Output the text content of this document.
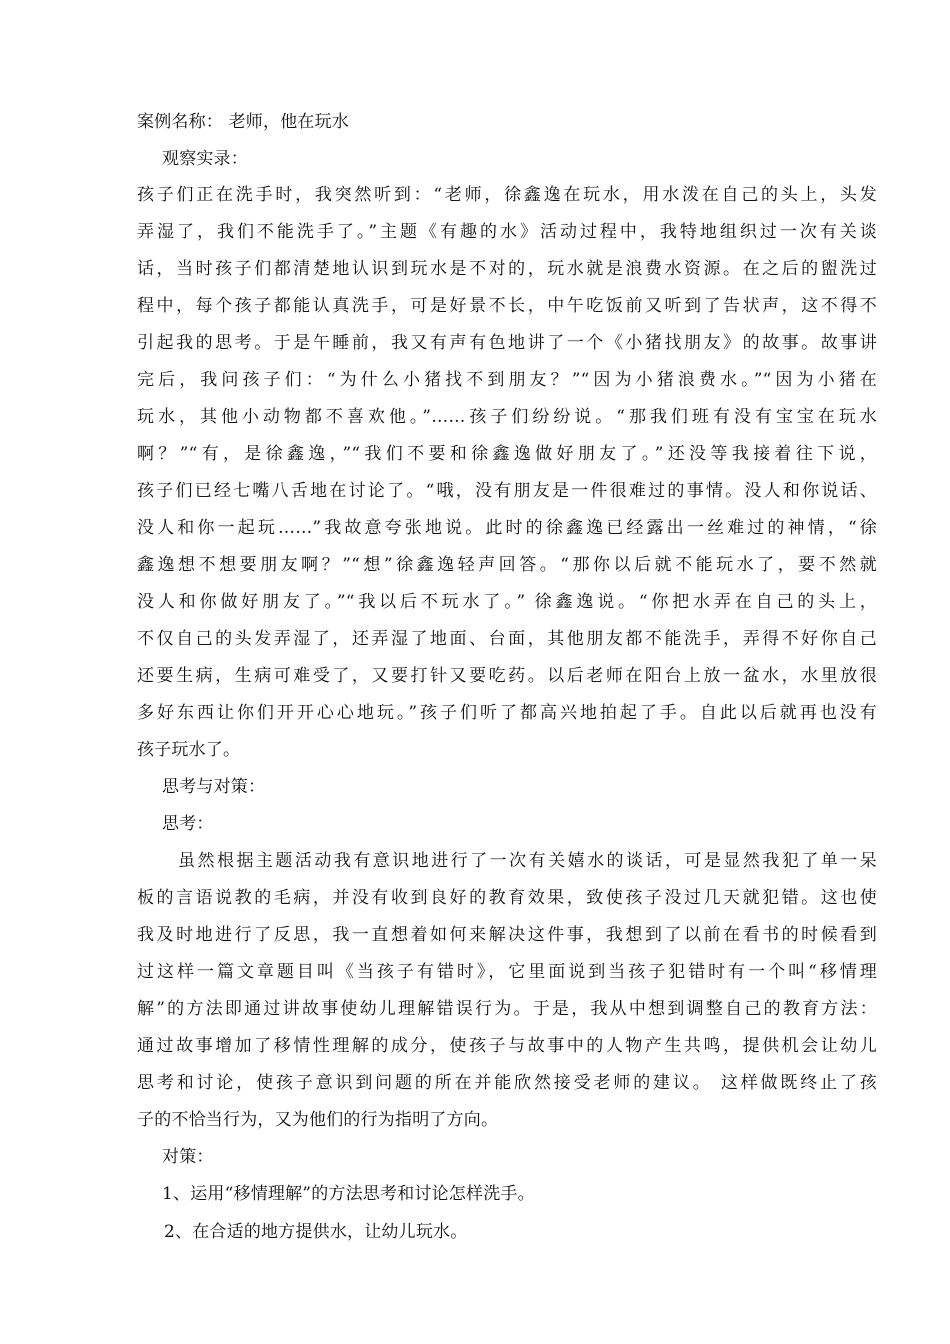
案例名称： 老师，他在玩水

观察实录：

孩子们正在洗手时，我突然听到：“老师，徐鑫逸在玩水，用水泼在自己的头上，头发

弄湿了，我们不能洗手了。”主题《有趣的水》活动过程中，我特地组织过一次有关谈

话，当时孩子们都清楚地认识到玩水是不对的，玩水就是浪费水资源。在之后的盥洗过

程中，每个孩子都能认真洗手，可是好景不长，中午吃饭前又听到了告状声，这不得不

引起我的思考。于是午睡前，我又有声有色地讲了一个《小猪找朋友》的故事。故事讲

完后，我问孩子们：“为什么小猪找不到朋友？”“因为小猪浪费水。”“因为小猪在

玩水，其他小动物都不喜欢他。”……孩子们纷纷说。“那我们班有没有宝宝在玩水

啊？”“有，是徐鑫逸，”“我们不要和徐鑫逸做好朋友了。”还没等我接着往下说，

孩子们已经七嘴八舌地在讨论了。“哦，没有朋友是一件很难过的事情。没人和你说话、

没人和你一起玩……”我故意夸张地说。此时的徐鑫逸已经露出一丝难过的神情，“徐

鑫逸想不想要朋友啊？”“想”徐鑫逸轻声回答。“那你以后就不能玩水了，要不然就

没人和你做好朋友了。”“我以后不玩水了。” 徐鑫逸说。“你把水弄在自己的头上，

不仅自己的头发弄湿了，还弄湿了地面、台面，其他朋友都不能洗手，弄得不好你自己

还要生病，生病可难受了，又要打针又要吃药。以后老师在阳台上放一盆水，水里放很

多好东西让你们开开心心地玩。”孩子们听了都高兴地拍起了手。自此以后就再也没有

孩子玩水了。

思考与对策：

思考：

虽然根据主题活动我有意识地进行了一次有关嬉水的谈话，可是显然我犯了单一呆

板的言语说教的毛病，并没有收到良好的教育效果，致使孩子没过几天就犯错。这也使

我及时地进行了反思，我一直想着如何来解决这件事，我想到了以前在看书的时候看到

过这样一篇文章题目叫《当孩子有错时》，它里面说到当孩子犯错时有一个叫“移情理

解”的方法即通过讲故事使幼儿理解错误行为。于是，我从中想到调整自己的教育方法：

通过故事增加了移情性理解的成分，使孩子与故事中的人物产生共鸣，提供机会让幼儿

思考和讨论，使孩子意识到问题的所在并能欣然接受老师的建议。 这样做既终止了孩

子的不恰当行为，又为他们的行为指明了方向。

对策：

1、运用“移情理解”的方法思考和讨论怎样洗手。

2、在合适的地方提供水，让幼儿玩水。
